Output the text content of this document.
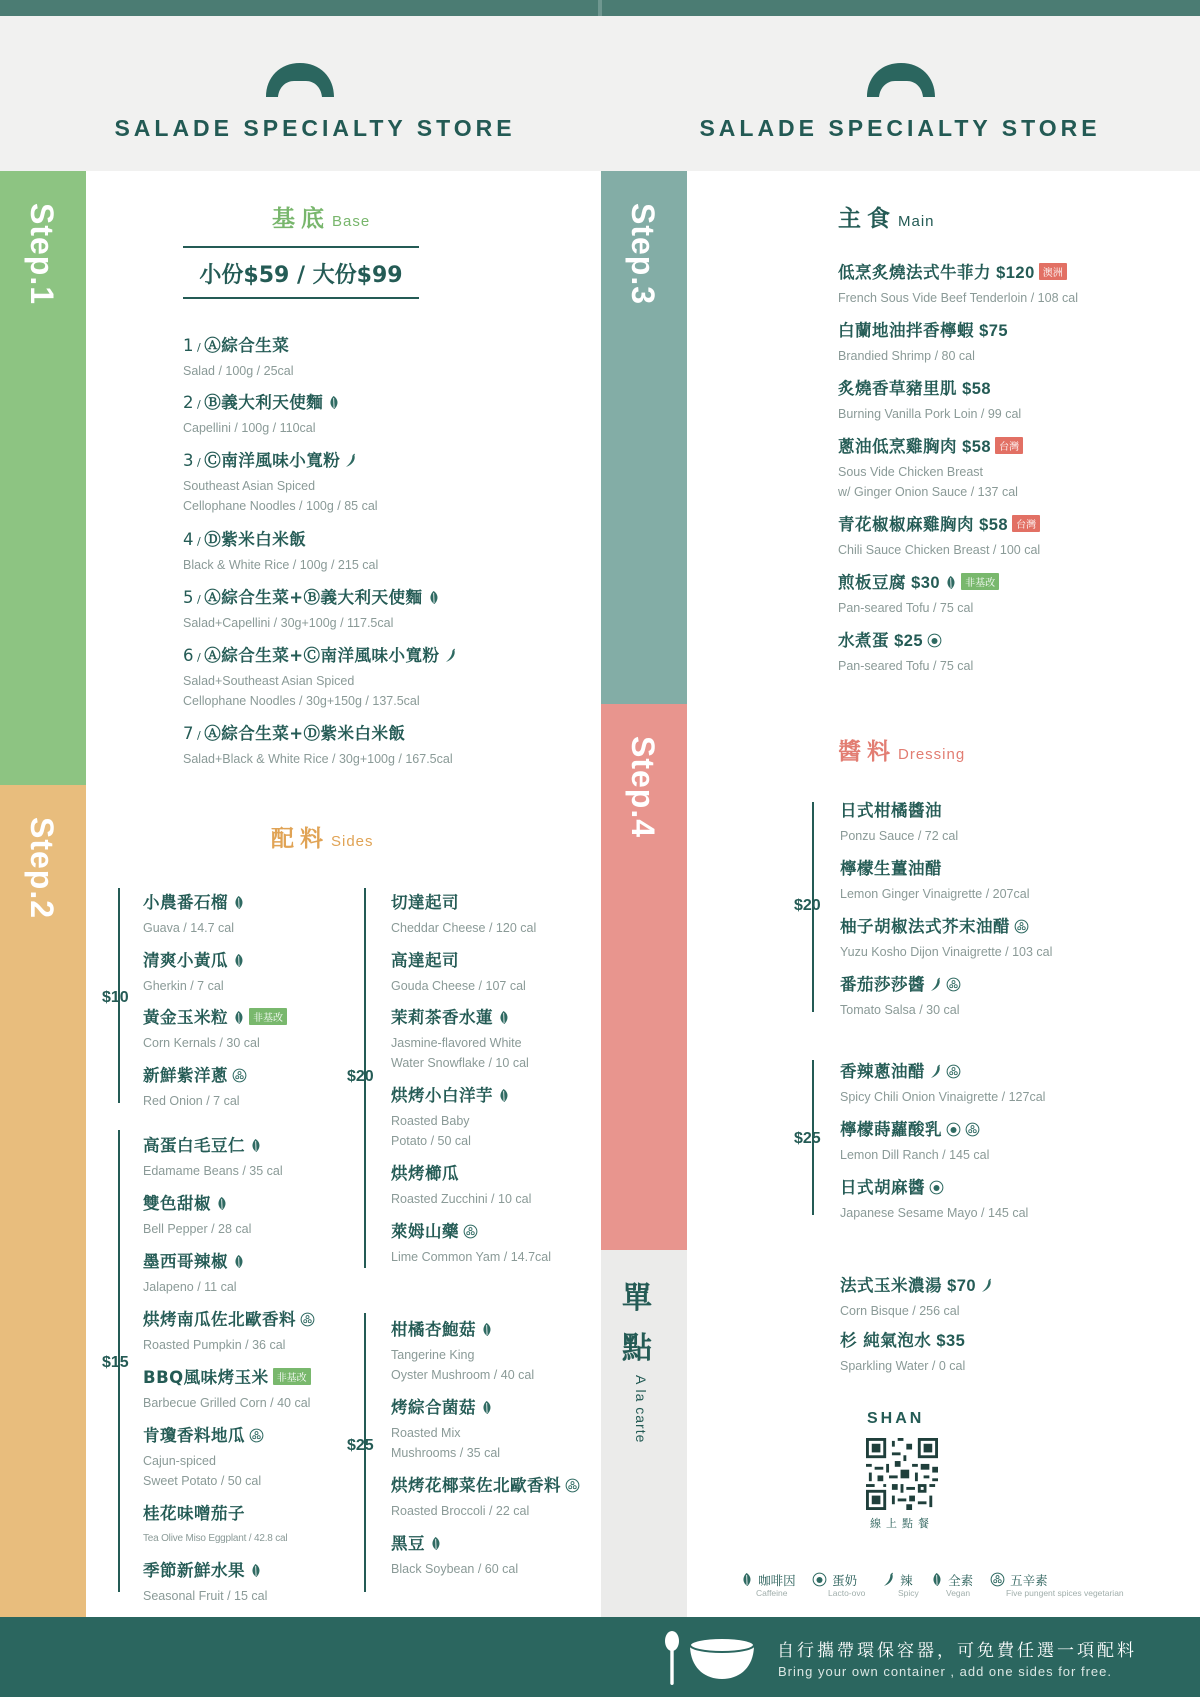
SALADE SPECIALTY STORE	SALADE SPECIALTY STORE
Step.1
Step.2
Step.3
Step.4
基底 Base
小份$59 / 大份$99
1 / Ⓐ綜合生菜
Salad / 100g / 25cal
2 / Ⓑ義大利天使麵
Capellini / 100g / 110cal
3 / Ⓒ南洋風味小寬粉
Southeast Asian Spiced
Cellophane Noodles / 100g / 85 cal
4 / Ⓓ紫米白米飯
Black & White Rice / 100g / 215 cal
5 / Ⓐ綜合生菜+Ⓑ義大利天使麵
Salad+Capellini / 30g+100g / 117.5cal
6 / Ⓐ綜合生菜+Ⓒ南洋風味小寬粉
Salad+Southeast Asian Spiced
Cellophane Noodles / 30g+150g / 137.5cal
7 / Ⓐ綜合生菜+Ⓓ紫米白米飯
Salad+Black & White Rice / 30g+100g / 167.5cal
配料 Sides
$10
$15
$20
$25
小農番石榴
Guava / 14.7 cal
清爽小黃瓜
Gherkin / 7 cal
黃金玉米粒	非基改
Corn Kernals / 30 cal
新鮮紫洋蔥
Red Onion / 7 cal
高蛋白毛豆仁
Edamame Beans / 35 cal
雙色甜椒
Bell Pepper / 28 cal
墨西哥辣椒
Jalapeno / 11 cal
烘烤南瓜佐北歐香料
Roasted Pumpkin / 36 cal
BBQ風味烤玉米 非基改
Barbecue Grilled Corn / 40 cal
肯瓊香料地瓜
Cajun-spiced
Sweet Potato / 50 cal
桂花味噌茄子
Tea Olive Miso Eggplant / 42.8 cal
季節新鮮水果
Seasonal Fruit / 15 cal
切達起司
Cheddar Cheese / 120 cal
高達起司
Gouda Cheese / 107 cal
茉莉茶香水蓮
Jasmine-flavored White
Water Snowflake / 10 cal
烘烤小白洋芋
Roasted Baby
Potato / 50 cal
烘烤櫛瓜
Roasted Zucchini / 10 cal
萊姆山藥
Lime Common Yam / 14.7cal
柑橘杏鮑菇
Tangerine King
Oyster Mushroom / 40 cal
烤綜合菌菇
Roasted Mix
Mushrooms / 35 cal
烘烤花椰菜佐北歐香料
Roasted Broccoli / 22 cal
黑豆
Black Soybean / 60 cal
主食 Main
低烹炙燒法式牛菲力 $120 澳洲
French Sous Vide Beef Tenderloin / 108 cal
白蘭地油拌香檸蝦 $75
Brandied Shrimp / 80 cal
炙燒香草豬里肌 $58
Burning Vanilla Pork Loin / 99 cal
蔥油低烹雞胸肉 $58 台灣
Sous Vide Chicken Breast
w/ Ginger Onion Sauce / 137 cal
青花椒椒麻雞胸肉 $58 台灣
Chili Sauce Chicken Breast / 100 cal
煎板豆腐 $30	非基改
Pan-seared Tofu / 75 cal
水煮蛋 $25
Pan-seared Tofu / 75 cal
醬料 Dressing
$20
$25
日式柑橘醬油
Ponzu Sauce / 72 cal
檸檬生薑油醋
Lemon Ginger Vinaigrette / 207cal
柚子胡椒法式芥末油醋
Yuzu Kosho Dijon Vinaigrette / 103 cal
番茄莎莎醬
Tomato Salsa / 30 cal
香辣蔥油醋
Spicy Chili Onion Vinaigrette / 127cal
檸檬蒔蘿酸乳
Lemon Dill Ranch / 145 cal
日式胡麻醬
Japanese Sesame Mayo / 145 cal
單點
A la carte
法式玉米濃湯 $70
Corn Bisque / 256 cal
杉 純氣泡水 $35
Sparkling Water / 0 cal
SHAN
線上點餐
咖啡因
Caffeine
蛋奶
Lacto-ovo
辣
Spicy
全素
Vegan
五辛素
Five pungent spices vegetarian
自行攜帶環保容器，可免費任選一項配料
Bring your own container , add one sides for free.
